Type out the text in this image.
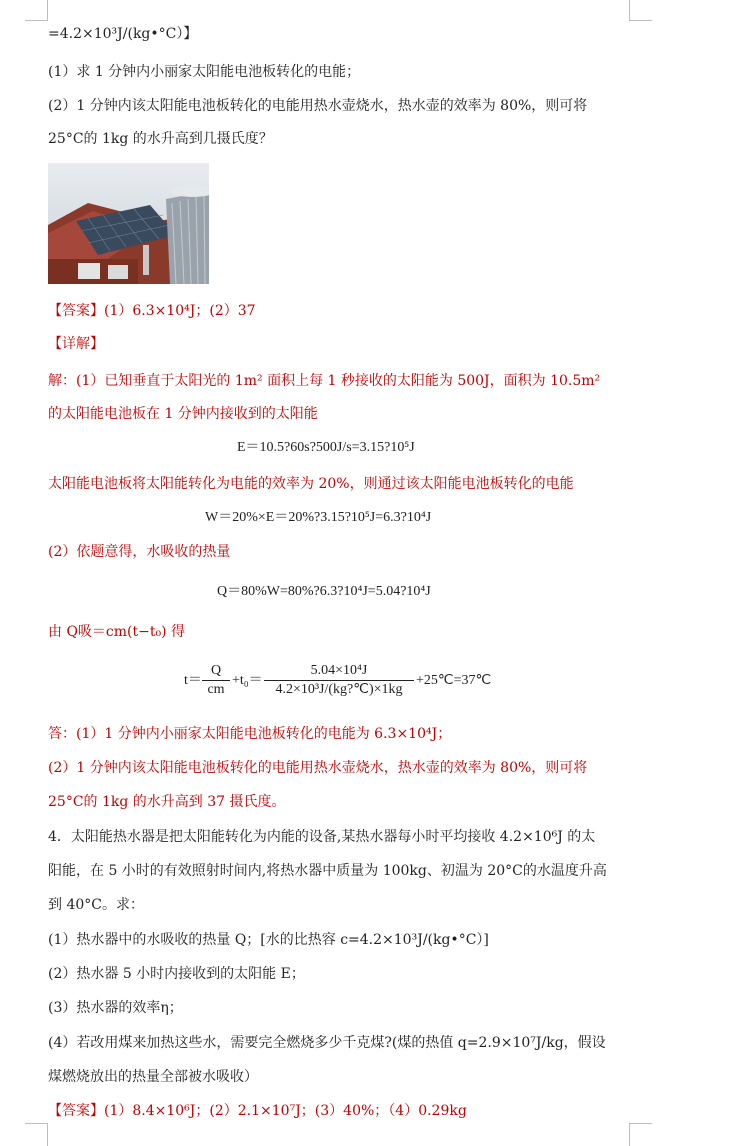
=4.2×10³J/(kg•°C）】
(1）求 1 分钟内小丽家太阳能电池板转化的电能；
(2）1 分钟内该太阳能电池板转化的电能用热水壶烧水，热水壶的效率为 80%，则可将
25°C的 1kg 的水升高到几摄氏度？
【答案】(1）6.3×10⁴J；(2）37
【详解】
解：(1）已知垂直于太阳光的 1m² 面积上每 1 秒接收的太阳能为 500J，面积为 10.5m²
的太阳能电池板在 1 分钟内接收到的太阳能
E＝10.5?60s?500J/s=3.15?10⁵J
太阳能电池板将太阳能转化为电能的效率为 20%，则通过该太阳能电池板转化的电能
W＝20%×E＝20%?3.15?10⁵J=6.3?10⁴J
(2）依题意得，水吸收的热量
Q＝80%W=80%?6.3?10⁴J=5.04?10⁴J
由 Q吸＝cm(t−t₀) 得
$t= \frac{Q}{cm} +t_0= \frac{\text{5.04×10⁴J}}{\text{4.2×10³J/(kg?℃)×1kg}}$ +25℃=37℃
答：(1）1 分钟内小丽家太阳能电池板转化的电能为 6.3×10⁴J；
(2）1 分钟内该太阳能电池板转化的电能用热水壶烧水，热水壶的效率为 80%，则可将
25°C的 1kg 的水升高到 37 摄氏度。
4．太阳能热水器是把太阳能转化为内能的设备,某热水器每小时平均接收 4.2×10⁶J 的太
阳能，在 5 小时的有效照射时间内,将热水器中质量为 100kg、初温为 20°C的水温度升高
到 40°C。求：
(1）热水器中的水吸收的热量 Q；[水的比热容 c=4.2×10³J/(kg•°C）]
(2）热水器 5 小时内接收到的太阳能 E；
(3）热水器的效率η；
(4）若改用煤来加热这些水，需要完全燃烧多少千克煤?(煤的热值 q=2.9×10⁷J/kg，假设
煤燃烧放出的热量全部被水吸收）
【答案】(1）8.4×10⁶J；(2）2.1×10⁷J；(3）40%；（4）0.29kg
